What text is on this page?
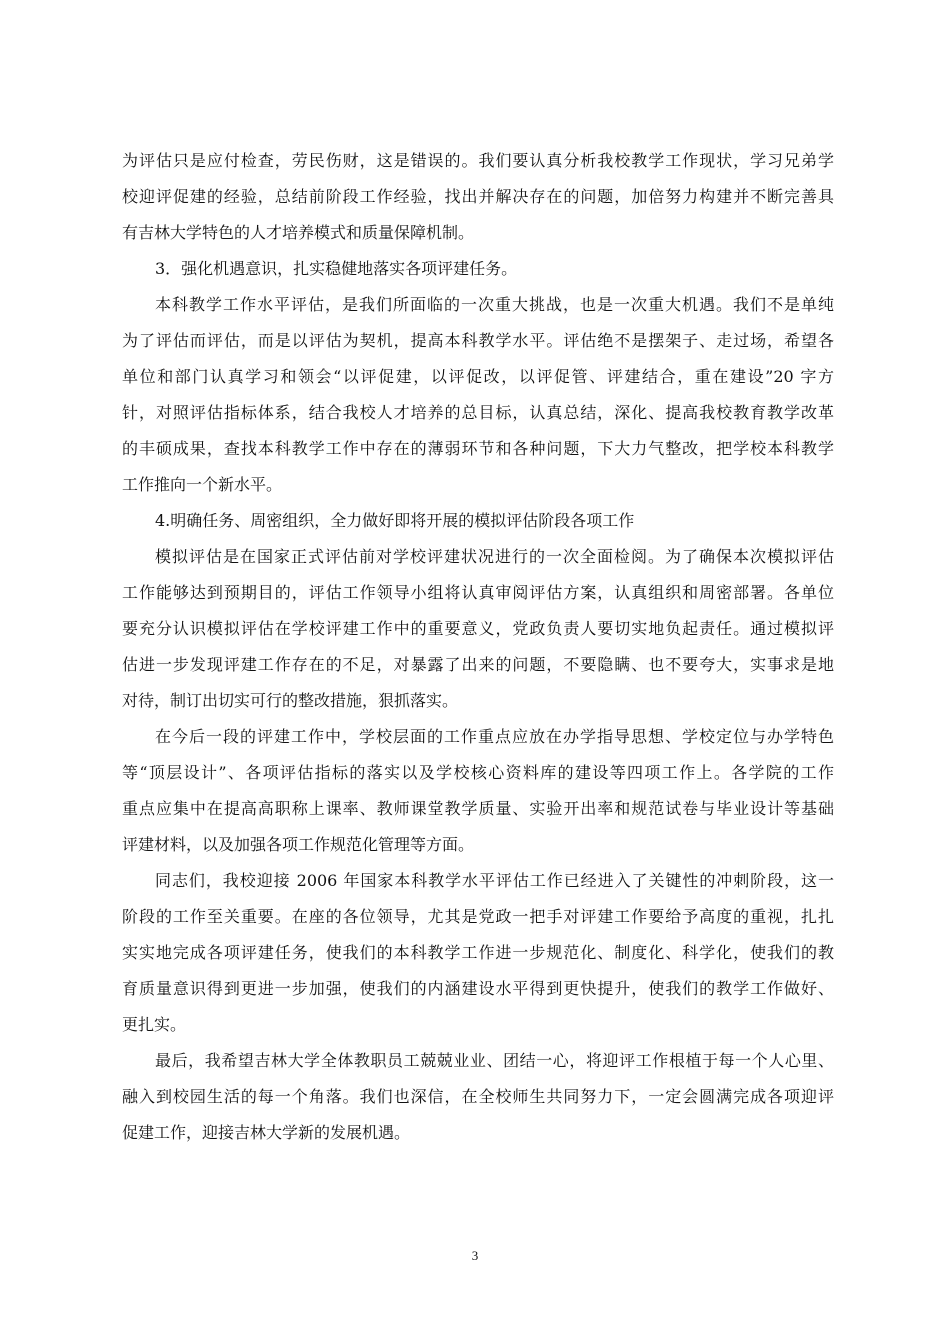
为评估只是应付检查，劳民伤财，这是错误的。我们要认真分析我校教学工作现状，学习兄弟学
校迎评促建的经验，总结前阶段工作经验，找出并解决存在的问题，加倍努力构建并不断完善具
有吉林大学特色的人才培养模式和质量保障机制。
3．强化机遇意识，扎实稳健地落实各项评建任务。
本科教学工作水平评估，是我们所面临的一次重大挑战，也是一次重大机遇。我们不是单纯
为了评估而评估，而是以评估为契机，提高本科教学水平。评估绝不是摆架子、走过场，希望各
单位和部门认真学习和领会“以评促建，以评促改，以评促管、评建结合，重在建设”20 字方
针，对照评估指标体系，结合我校人才培养的总目标，认真总结，深化、提高我校教育教学改革
的丰硕成果，查找本科教学工作中存在的薄弱环节和各种问题，下大力气整改，把学校本科教学
工作推向一个新水平。
4.明确任务、周密组织，全力做好即将开展的模拟评估阶段各项工作
模拟评估是在国家正式评估前对学校评建状况进行的一次全面检阅。为了确保本次模拟评估
工作能够达到预期目的，评估工作领导小组将认真审阅评估方案，认真组织和周密部署。各单位
要充分认识模拟评估在学校评建工作中的重要意义，党政负责人要切实地负起责任。通过模拟评
估进一步发现评建工作存在的不足，对暴露了出来的问题，不要隐瞒、也不要夸大，实事求是地
对待，制订出切实可行的整改措施，狠抓落实。
在今后一段的评建工作中，学校层面的工作重点应放在办学指导思想、学校定位与办学特色
等“顶层设计”、各项评估指标的落实以及学校核心资料库的建设等四项工作上。各学院的工作
重点应集中在提高高职称上课率、教师课堂教学质量、实验开出率和规范试卷与毕业设计等基础
评建材料，以及加强各项工作规范化管理等方面。
同志们，我校迎接 2006 年国家本科教学水平评估工作已经进入了关键性的冲刺阶段，这一
阶段的工作至关重要。在座的各位领导，尤其是党政一把手对评建工作要给予高度的重视，扎扎
实实地完成各项评建任务，使我们的本科教学工作进一步规范化、制度化、科学化，使我们的教
育质量意识得到更进一步加强，使我们的内涵建设水平得到更快提升，使我们的教学工作做好、
更扎实。
最后，我希望吉林大学全体教职员工兢兢业业、团结一心，将迎评工作根植于每一个人心里、
融入到校园生活的每一个角落。我们也深信，在全校师生共同努力下，一定会圆满完成各项迎评
促建工作，迎接吉林大学新的发展机遇。
3
